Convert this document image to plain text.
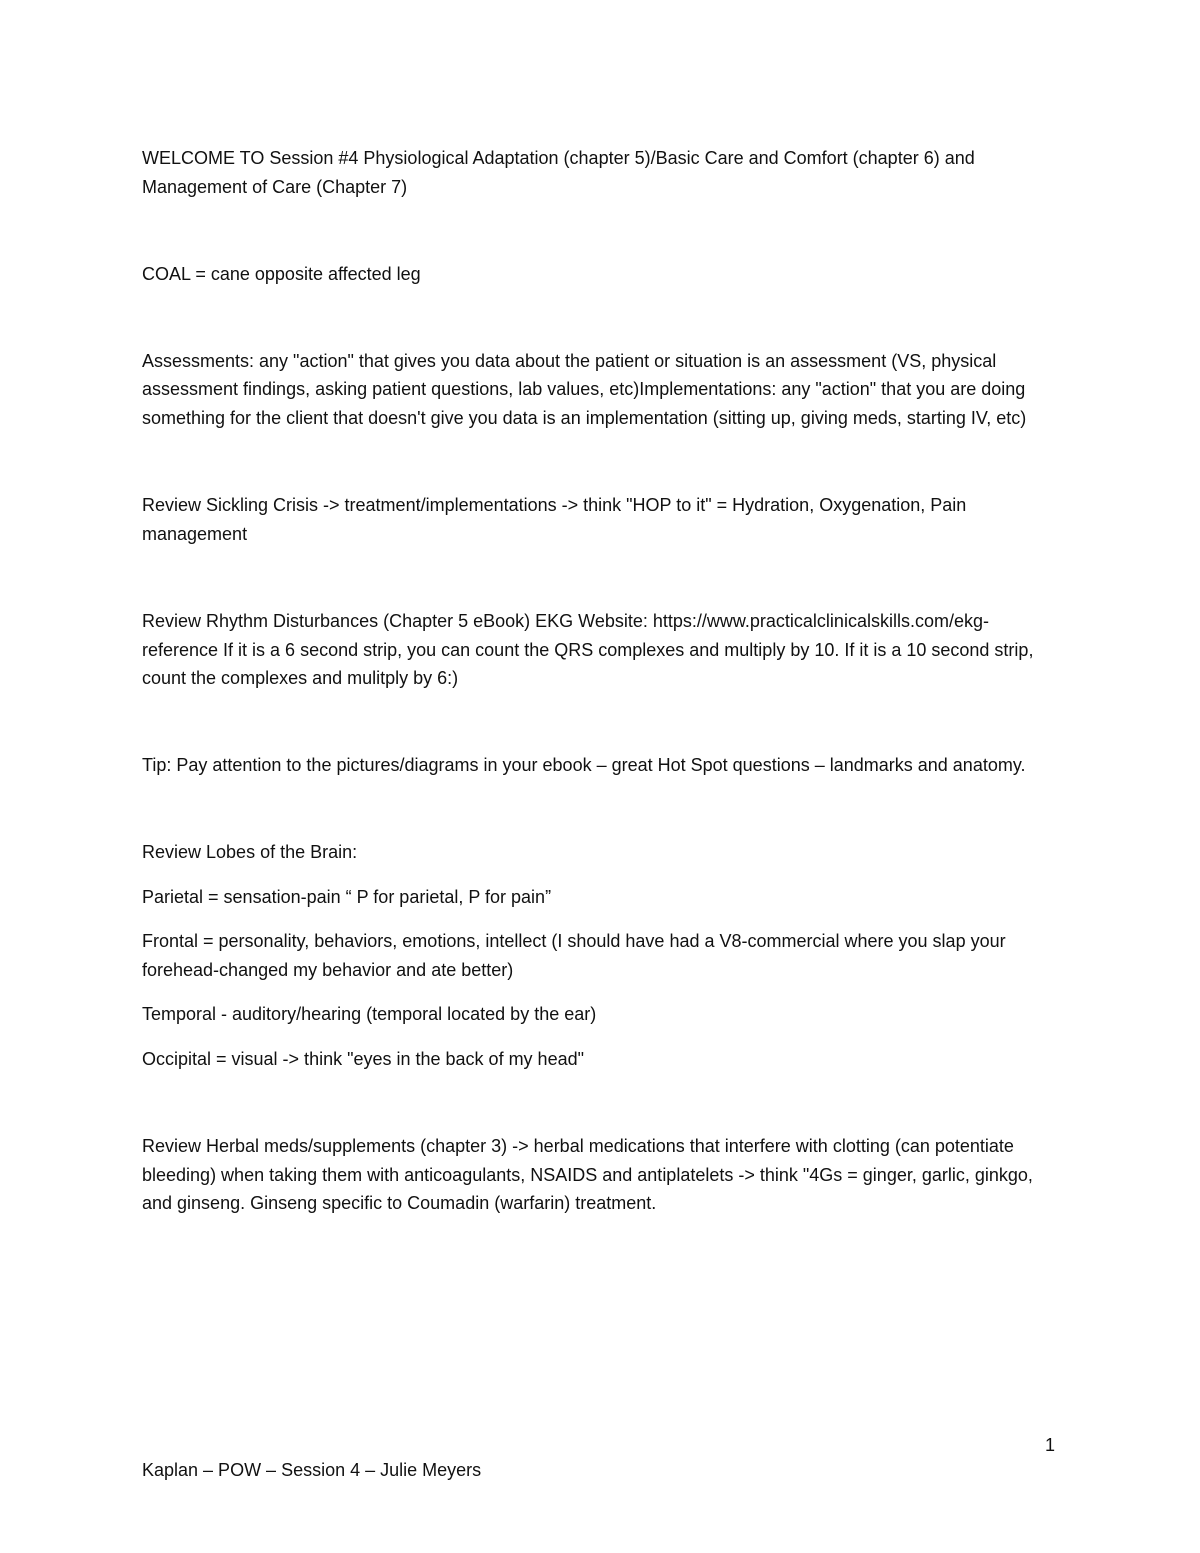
WELCOME TO Session #4 Physiological Adaptation (chapter 5)/Basic Care and Comfort (chapter 6) and Management of Care (Chapter 7)

COAL = cane opposite affected leg

Assessments: any "action" that gives you data about the patient or situation is an assessment (VS, physical assessment findings, asking patient questions, lab values, etc)Implementations: any "action" that you are doing something for the client that doesn't give you data is an implementation (sitting up, giving meds, starting IV, etc)

Review Sickling Crisis -> treatment/implementations -> think "HOP to it" = Hydration, Oxygenation, Pain management

Review Rhythm Disturbances (Chapter 5 eBook) EKG Website: https://www.practicalclinicalskills.com/ekg-reference If it is a 6 second strip, you can count the QRS complexes and multiply by 10. If it is a 10 second strip, count the complexes and mulitply by 6:)

Tip: Pay attention to the pictures/diagrams in your ebook – great Hot Spot questions – landmarks and anatomy.

Review Lobes of the Brain:

Parietal = sensation-pain “ P for parietal, P for pain”

Frontal = personality, behaviors, emotions, intellect (I should have had a V8-commercial where you slap your forehead-changed my behavior and ate better)

Temporal - auditory/hearing (temporal located by the ear)

Occipital = visual -> think "eyes in the back of my head"

Review Herbal meds/supplements (chapter 3) -> herbal medications that interfere with clotting (can potentiate bleeding) when taking them with anticoagulants, NSAIDS and antiplatelets -> think "4Gs = ginger, garlic, ginkgo, and ginseng. Ginseng specific to Coumadin (warfarin) treatment.

1
Kaplan – POW – Session 4 – Julie Meyers
